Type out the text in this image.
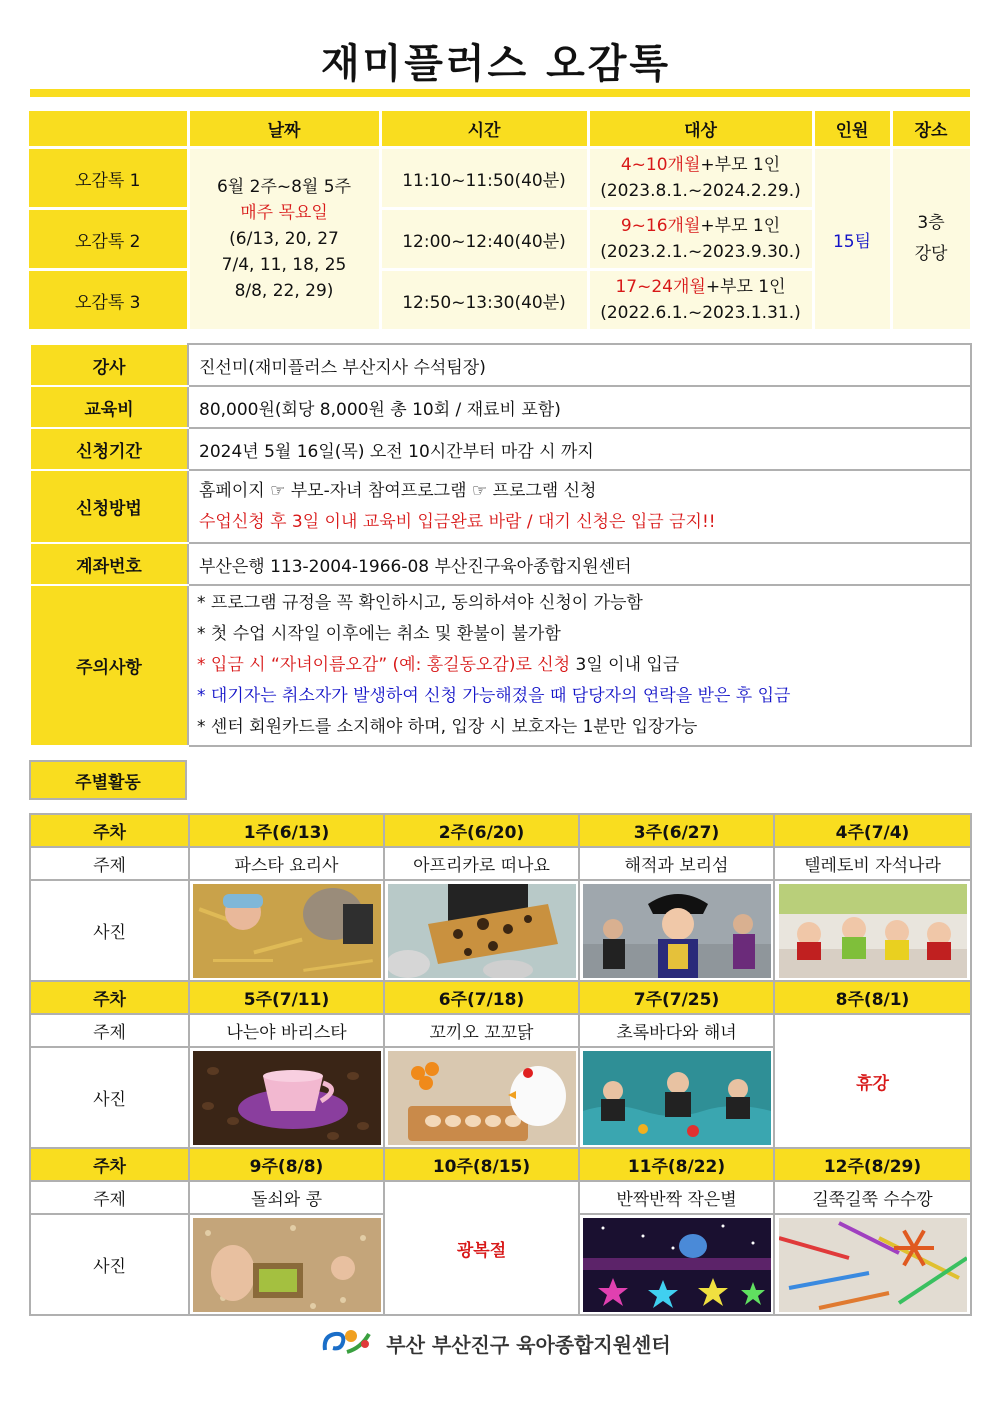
재미플러스 오감톡
	날짜	시간	대상	인원	장소
오감톡 1	6월 2주~8월 5주
매주 목요일
(6/13, 20, 27
7/4, 11, 18, 25
8/8, 22, 29)	11:10~11:50(40분)	4~10개월+부모 1인
(2023.8.1.~2024.2.29.)	15팀	3층
강당

오감톡 2		12:00~12:40(40분)	9~16개월+부모 1인
(2023.2.1.~2023.9.30.)		

오감톡 3		12:50~13:30(40분)	17~24개월+부모 1인
(2022.6.1.~2023.1.31.)		
강사	진선미(재미플러스 부산지사 수석팀장)
교육비	80,000원(회당 8,000원 총 10회 / 재료비 포함)
신청기간	2024년 5월 16일(목) 오전 10시간부터 마감 시 까지
신청방법	홈페이지 ☞ 부모-자녀 참여프로그램 ☞ 프로그램 신청
수업신청 후 3일 이내 교육비 입금완료 바람 / 대기 신청은 입금 금지!!

계좌번호	부산은행 113-2004-1966-08 부산진구육아종합지원센터
주의사항	* 프로그램 규정을 꼭 확인하시고, 동의하셔야 신청이 가능함
* 첫 수업 시작일 이후에는 취소 및 환불이 불가함
* 입금 시 “자녀이름오감” (예: 홍길동오감)로 신청 3일 이내 입금
* 대기자는 취소자가 발생하여 신청 가능해졌을 때 담당자의 연락을 받은 후 입금
* 센터 회원카드를 소지해야 하며, 입장 시 보호자는 1분만 입장가능
주별활동
주차	1주(6/13)	2주(6/20)	3주(6/27)	4주(7/4)
주제	파스타 요리사	아프리카로 떠나요	해적과 보리섬	텔레토비 자석나라
사진	

주차	5주(7/11)	6주(7/18)	7주(7/25)	8주(8/1)
주제	나는야 바리스타	꼬끼오 꼬꼬닭	초록바다와 해녀	휴강
사진	

주차	9주(8/8)	10주(8/15)	11주(8/22)	12주(8/29)
주제	돌쇠와 콩	광복절	반짝반짝 작은별	길쭉길쭉 수수깡
사진	

부산 부산진구 육아종합지원센터
